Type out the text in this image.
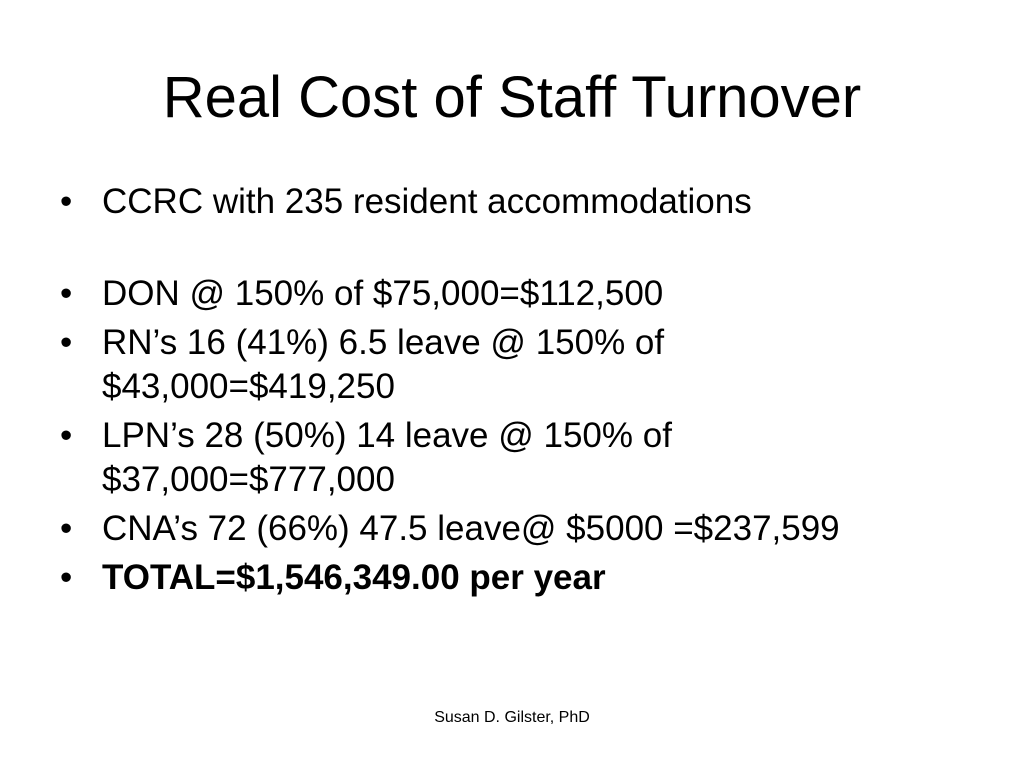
Real Cost of Staff Turnover
• CCRC with 235 resident accommodations
• DON @ 150% of $75,000=$112,500
• RN’s 16 (41%) 6.5 leave @ 150% of $43,000=$419,250
• LPN’s 28 (50%) 14 leave @ 150% of $37,000=$777,000
• CNA’s 72 (66%) 47.5 leave@ $5000 =$237,599
• TOTAL=$1,546,349.00 per year
Susan D. Gilster, PhD
